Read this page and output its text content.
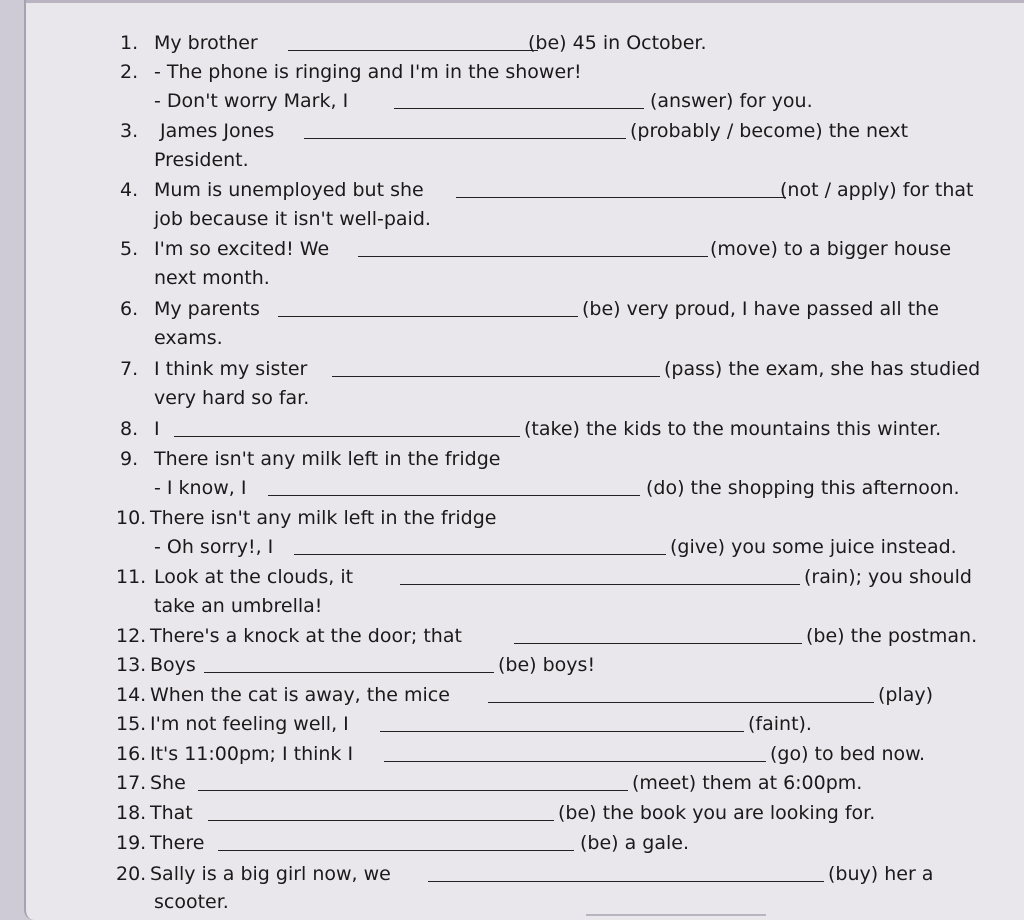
1. My brother	(be) 45 in October.
2. - The phone is ringing and I'm in the shower!
- Don't worry Mark, I	(answer) for you.
3. James Jones	(probably / become) the next
President.
4. Mum is unemployed but she	(not / apply) for that
job because it isn't well-paid.
5. I'm so excited! We	(move) to a bigger house
next month.
6. My parents	(be) very proud, I have passed all the
exams.
7. I think my sister	(pass) the exam, she has studied
very hard so far.
8. I	(take) the kids to the mountains this winter.
9. There isn't any milk left in the fridge
- I know, I	(do) the shopping this afternoon.
10. There isn't any milk left in the fridge
- Oh sorry!, I	(give) you some juice instead.
11. Look at the clouds, it	(rain); you should
take an umbrella!
12. There's a knock at the door; that	(be) the postman.
13. Boys	(be) boys!
14. When the cat is away, the mice	(play)
15. I'm not feeling well, I	(faint).
16. It's 11:00pm; I think I	(go) to bed now.
17. She	(meet) them at 6:00pm.
18. That	(be) the book you are looking for.
19. There	(be) a gale.
20. Sally is a big girl now, we	(buy) her a
scooter.
